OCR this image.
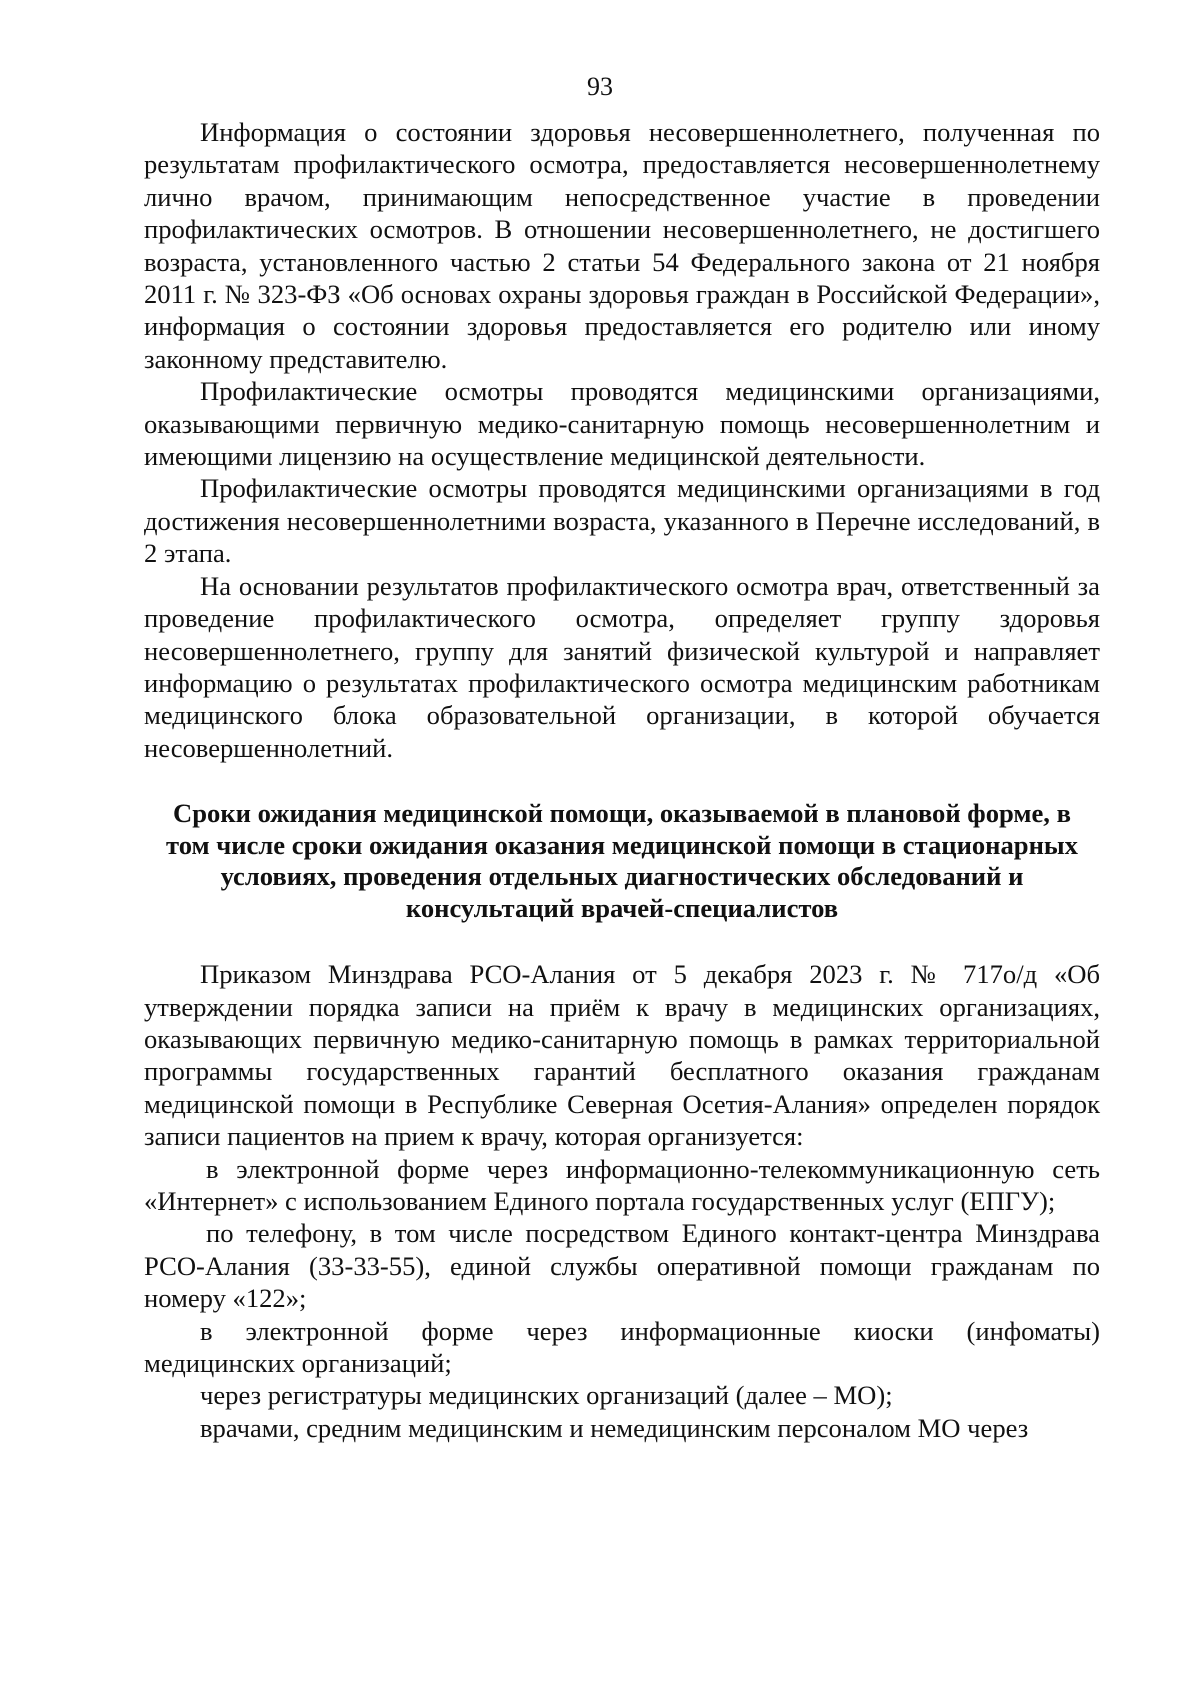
93

Информация о состоянии здоровья несовершеннолетнего, полученная по результатам профилактического осмотра, предоставляется несовершеннолетнему лично врачом, принимающим непосредственное участие в проведении профилактических осмотров. В отношении несовершеннолетнего, не достигшего возраста, установленного частью 2 статьи 54 Федерального закона от 21 ноября 2011 г. № 323-ФЗ «Об основах охраны здоровья граждан в Российской Федерации», информация о состоянии здоровья предоставляется его родителю или иному законному представителю.

Профилактические осмотры проводятся медицинскими организациями, оказывающими первичную медико-санитарную помощь несовершеннолетним и имеющими лицензию на осуществление медицинской деятельности.

Профилактические осмотры проводятся медицинскими организациями в год достижения несовершеннолетними возраста, указанного в Перечне исследований, в 2 этапа.

На основании результатов профилактического осмотра врач, ответственный за проведение профилактического осмотра, определяет группу здоровья несовершеннолетнего, группу для занятий физической культурой и направляет информацию о результатах профилактического осмотра медицинским работникам медицинского блока образовательной организации, в которой обучается несовершеннолетний.

Сроки ожидания медицинской помощи, оказываемой в плановой форме, в том числе сроки ожидания оказания медицинской помощи в стационарных условиях, проведения отдельных диагностических обследований и консультаций врачей-специалистов

Приказом Минздрава РСО-Алания от 5 декабря 2023 г. № 717о/д «Об утверждении порядка записи на приём к врачу в медицинских организациях, оказывающих первичную медико-санитарную помощь в рамках территориальной программы государственных гарантий бесплатного оказания гражданам медицинской помощи в Республике Северная Осетия-Алания» определен порядок записи пациентов на прием к врачу, которая организуется:

в электронной форме через информационно-телекоммуникационную сеть «Интернет» с использованием Единого портала государственных услуг (ЕПГУ);

по телефону, в том числе посредством Единого контакт-центра Минздрава РСО-Алания (33-33-55), единой службы оперативной помощи гражданам по номеру «122»;

в электронной форме через информационные киоски (инфоматы) медицинских организаций;

через регистратуры медицинских организаций (далее – МО);

врачами, средним медицинским и немедицинским персоналом МО через
